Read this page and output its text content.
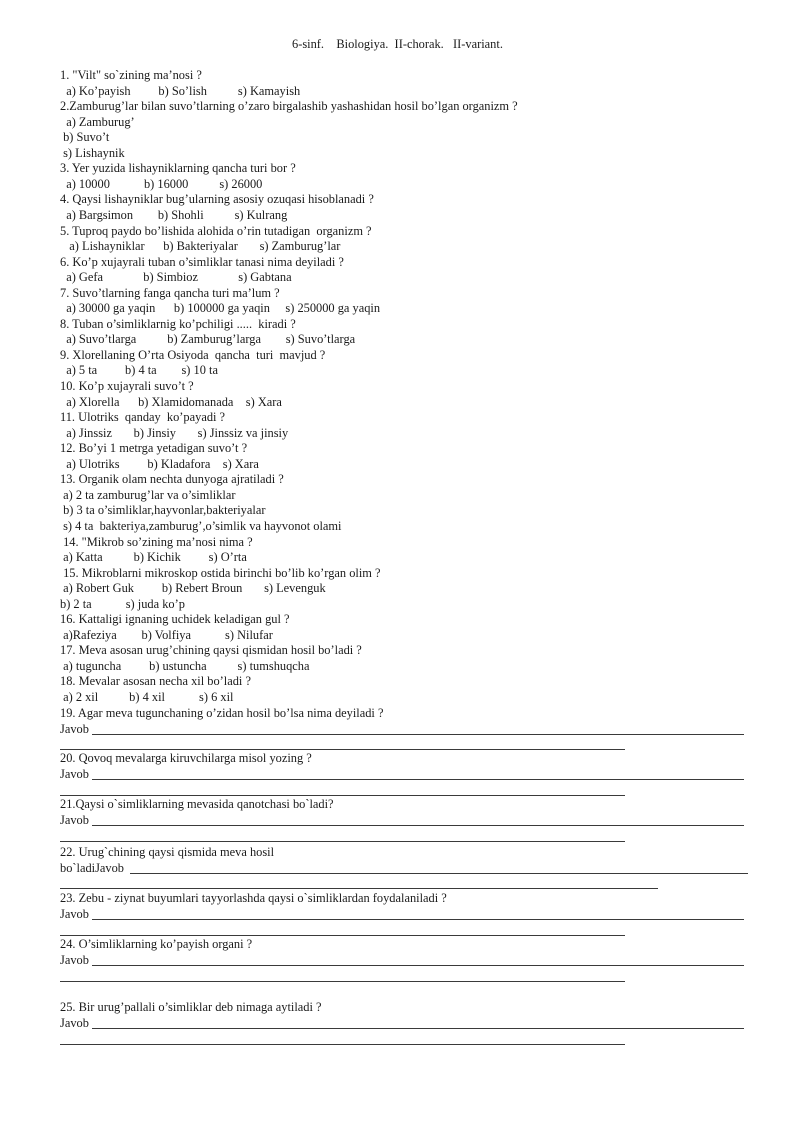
6-sinf.    Biologiya.  II-chorak.   II-variant.
1. "Vilt" so`zining ma’nosi ?
a) Ko’payish         b) So’lish          s) Kamayish
2.Zamburug’lar bilan suvo’tlarning o’zaro birgalashib yashashidan hosil bo’lgan organizm ?
a) Zamburug’
b) Suvo’t
s) Lishaynik
3. Yer yuzida lishayniklarning qancha turi bor ?
a) 10000           b) 16000          s) 26000
4. Qaysi lishayniklar bug’ularning asosiy ozuqasi hisoblanadi ?
a) Bargsimon        b) Shohli          s) Kulrang
5. Tuproq paydo bo’lishida alohida o’rin tutadigan  organizm ?
a) Lishayniklar      b) Bakteriyalar       s) Zamburug’lar
6. Ko’p xujayrali tuban o’simliklar tanasi nima deyiladi ?
a) Gefa             b) Simbioz             s) Gabtana
7. Suvo’tlarning fanga qancha turi ma’lum ?
a) 30000 ga yaqin      b) 100000 ga yaqin     s) 250000 ga yaqin
8. Tuban o’simliklarnig ko’pchiligi .....  kiradi ?
a) Suvo’tlarga          b) Zamburug’larga        s) Suvo’tlarga
9. Xlorellaning O’rta Osiyoda  qancha  turi  mavjud ?
a) 5 ta         b) 4 ta        s) 10 ta
10. Ko’p xujayrali suvo’t ?
a) Xlorella      b) Xlamidomanada    s) Xara
11. Ulotriks  qanday  ko’payadi ?
a) Jinssiz       b) Jinsiy       s) Jinssiz va jinsiy
12. Bo’yi 1 metrga yetadigan suvo’t ?
a) Ulotriks         b) Kladafora    s) Xara
13. Organik olam nechta dunyoga ajratiladi ?
a) 2 ta zamburug’lar va o’simliklar
b) 3 ta o’simliklar,hayvonlar,bakteriyalar
s) 4 ta  bakteriya,zamburug’,o’simlik va hayvonot olami
14. "Mikrob so’zining ma’nosi nima ?
a) Katta          b) Kichik         s) O’rta
15. Mikroblarni mikroskop ostida birinchi bo’lib ko’rgan olim ?
a) Robert Guk         b) Rebert Broun       s) Levenguk
b) 2 ta           s) juda ko’p
16. Kattaligi ignaning uchidek keladigan gul ?
a)Rafeziya        b) Volfiya           s) Nilufar
17. Meva asosan urug’chining qaysi qismidan hosil bo’ladi ?
a) tuguncha         b) ustuncha          s) tumshuqcha
18. Mevalar asosan necha xil bo’ladi ?
a) 2 xil          b) 4 xil           s) 6 xil
19. Agar meva tugunchaning o’zidan hosil bo’lsa nima deyiladi ?
Javob
20. Qovoq mevalarga kiruvchilarga misol yozing ?
Javob
21.Qaysi o`simliklarning mevasida qanotchasi bo`ladi?
Javob
22. Urug`chining qaysi qismida meva hosil
bo`ladiJavob
23. Zebu - ziynat buyumlari tayyorlashda qaysi o`simliklardan foydalaniladi ?
Javob
24. O’simliklarning ko’payish organi ?
Javob
25. Bir urug’pallali o’simliklar deb nimaga aytiladi ?
Javob
